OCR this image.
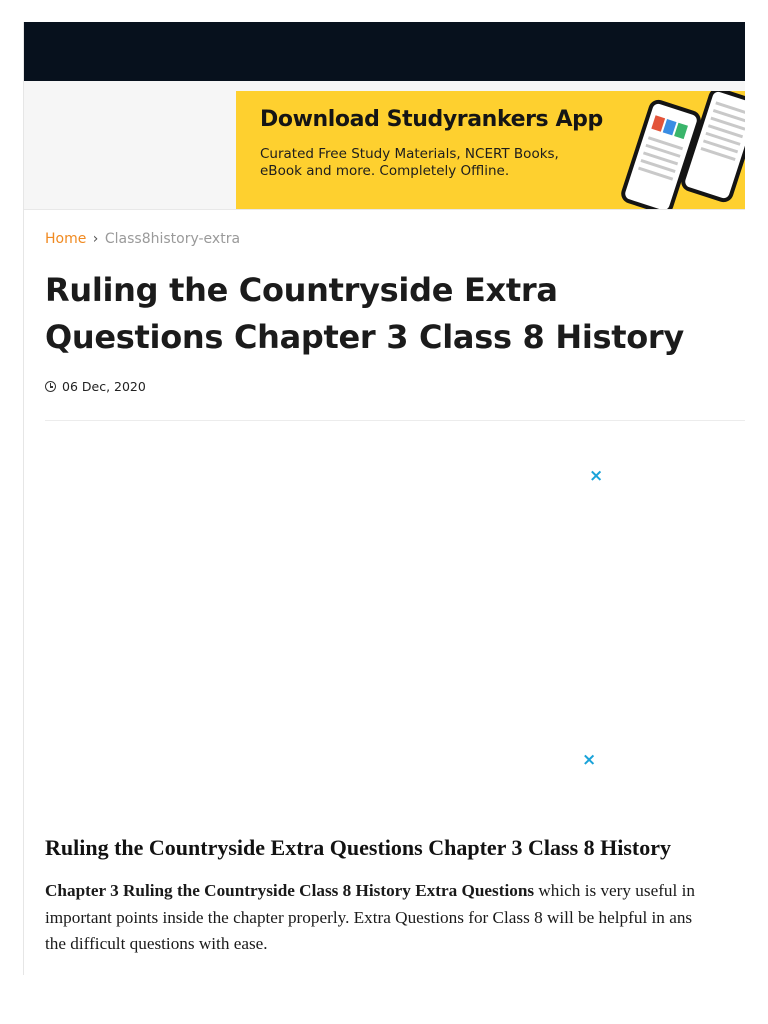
Download Studyrankers App
Curated Free Study Materials, NCERT Books,
eBook and more. Completely Offline.
Home › Class8history-extra
Ruling the Countryside Extra Questions Chapter 3 Class 8 History
06 Dec, 2020
×
×
Ruling the Countryside Extra Questions Chapter 3 Class 8 History

Chapter 3 Ruling the Countryside Class 8 History Extra Questions which is very useful in
important points inside the chapter properly. Extra Questions for Class 8 will be helpful in ans
the difficult questions with ease.
